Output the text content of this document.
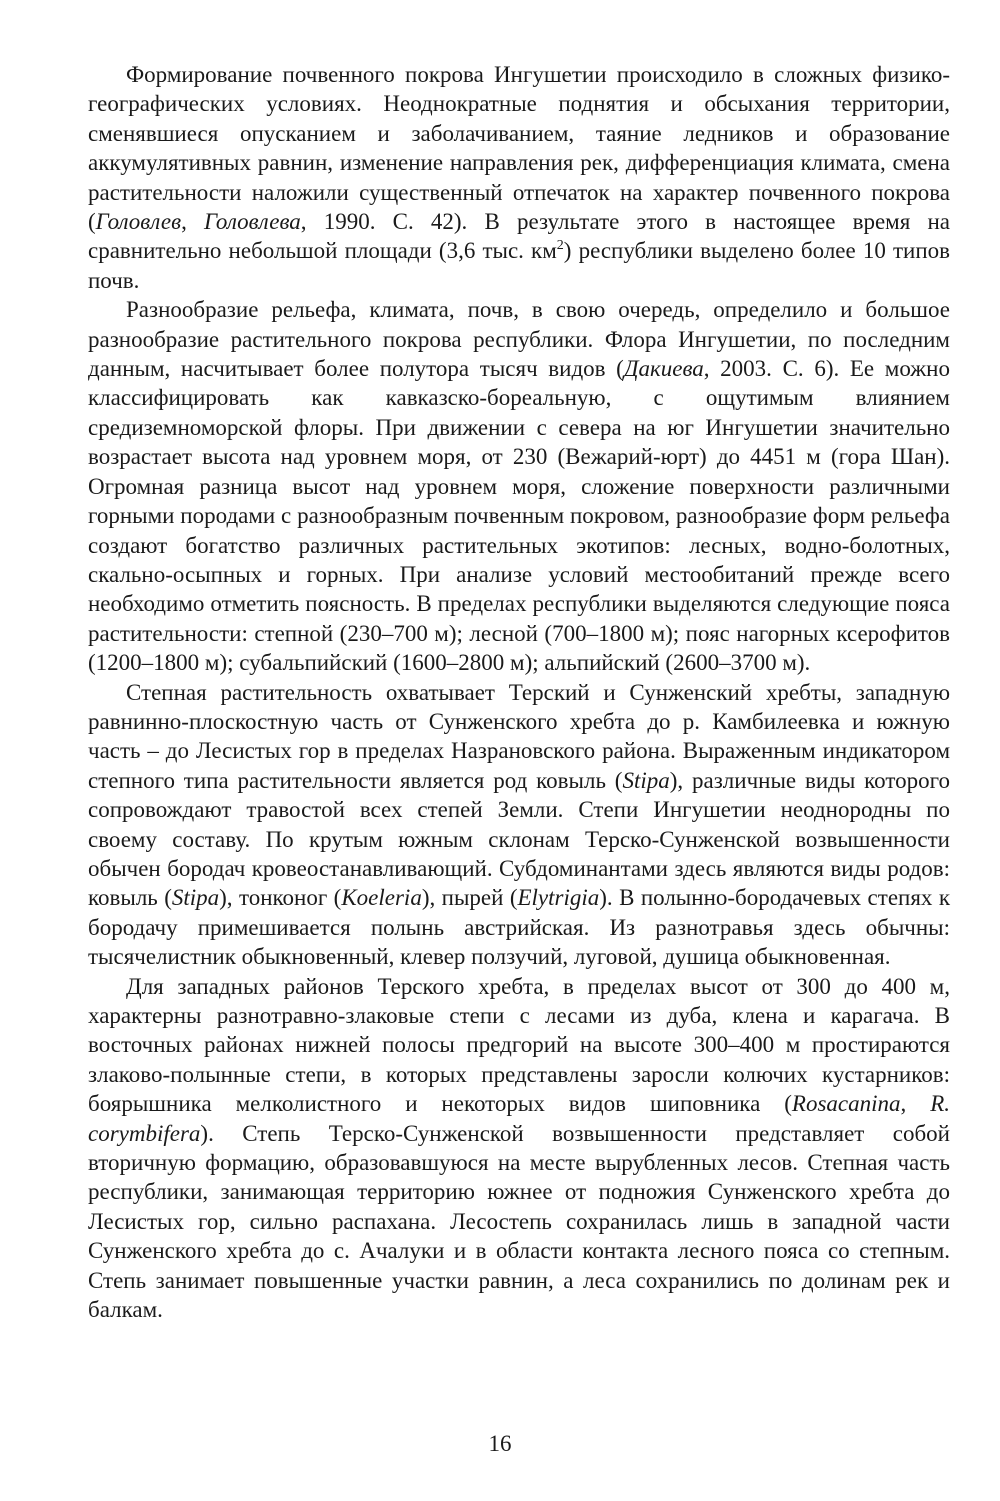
Формирование почвенного покрова Ингушетии происходило в сложных физико-географических условиях. Неоднократные поднятия и обсыхания территории, сменявшиеся опусканием и заболачиванием, таяние ледников и образование аккумулятивных равнин, изменение направления рек, дифференциация климата, смена растительности наложили существенный отпечаток на характер почвенного покрова (Головлев, Головлева, 1990. С. 42). В результате этого в настоящее время на сравнительно небольшой площади (3,6 тыс. $км^2$) республики выделено более 10 типов почв.

Разнообразие рельефа, климата, почв, в свою очередь, определило и большое разнообразие растительного покрова республики. Флора Ингушетии, по последним данным, насчитывает более полутора тысяч видов (Дакиева, 2003. С. 6). Ее можно классифицировать как кавказско-бореальную, с ощутимым влиянием средиземноморской флоры. При движении с севера на юг Ингушетии значительно возрастает высота над уровнем моря, от 230 (Вежарий-юрт) до 4451 м (гора Шан). Огромная разница высот над уровнем моря, сложение поверхности различными горными породами с разнообразным почвенным покровом, разнообразие форм рельефа создают богатство различных растительных экотипов: лесных, водно-болотных, скально-осыпных и горных. При анализе условий местообитаний прежде всего необходимо отметить поясность. В пределах республики выделяются следующие пояса растительности: степной (230–700 м); лесной (700–1800 м); пояс нагорных ксерофитов (1200–1800 м); субальпийский (1600–2800 м); альпийский (2600–3700 м).

Степная растительность охватывает Терский и Сунженский хребты, западную равнинно-плоскостную часть от Сунженского хребта до р. Камбилеевка и южную часть – до Лесистых гор в пределах Назрановского района. Выраженным индикатором степного типа растительности является род ковыль (Stipa), различные виды которого сопровождают травостой всех степей Земли. Степи Ингушетии неоднородны по своему составу. По крутым южным склонам Терско-Сунженской возвышенности обычен бородач кровеостанавливающий. Субдоминантами здесь являются виды родов: ковыль (Stipa), тонконог (Koeleria), пырей (Elytrigia). В полынно-бородачевых степях к бородачу примешивается полынь австрийская. Из разнотравья здесь обычны: тысячелистник обыкновенный, клевер ползучий, луговой, душица обыкновенная.

Для западных районов Терского хребта, в пределах высот от 300 до 400 м, характерны разнотравно-злаковые степи с лесами из дуба, клена и карагача. В восточных районах нижней полосы предгорий на высоте 300–400 м простираются злаково-полынные степи, в которых представлены заросли колючих кустарников: боярышника мелколистного и некоторых видов шиповника (Rosacanina, R. corymbifera). Степь Терско-Сунженской возвышенности представляет собой вторичную формацию, образовавшуюся на месте вырубленных лесов. Степная часть республики, занимающая территорию южнее от подножия Сунженского хребта до Лесистых гор, сильно распахана. Лесостепь сохранилась лишь в западной части Сунженского хребта до с. Ачалуки и в области контакта лесного пояса со степным. Степь занимает повышенные участки равнин, а леса сохранились по долинам рек и балкам.

16
